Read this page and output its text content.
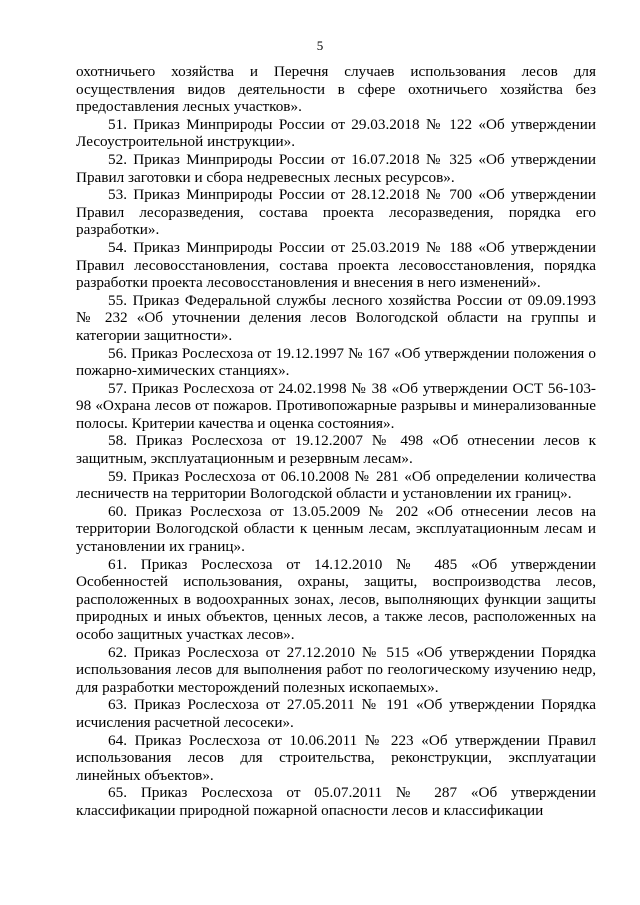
5

охотничьего хозяйства и Перечня случаев использования лесов для осуществления видов деятельности в сфере охотничьего хозяйства без предоставления лесных участков».

51. Приказ Минприроды России от 29.03.2018 № 122 «Об утверждении Лесоустроительной инструкции».

52. Приказ Минприроды России от 16.07.2018 № 325 «Об утверждении Правил заготовки и сбора недревесных лесных ресурсов».

53. Приказ Минприроды России от 28.12.2018 № 700 «Об утверждении Правил лесоразведения, состава проекта лесоразведения, порядка его разработки».

54. Приказ Минприроды России от 25.03.2019 № 188 «Об утверждении Правил лесовосстановления, состава проекта лесовосстановления, порядка разработки проекта лесовосстановления и внесения в него изменений».

55. Приказ Федеральной службы лесного хозяйства России от 09.09.1993 № 232 «Об уточнении деления лесов Вологодской области на группы и категории защитности».

56. Приказ Рослесхоза от 19.12.1997 № 167 «Об утверждении положения о пожарно-химических станциях».

57. Приказ Рослесхоза от 24.02.1998 № 38 «Об утверждении ОСТ 56-103-98 «Охрана лесов от пожаров. Противопожарные разрывы и минерализованные полосы. Критерии качества и оценка состояния».

58. Приказ Рослесхоза от 19.12.2007 № 498 «Об отнесении лесов к защитным, эксплуатационным и резервным лесам».

59. Приказ Рослесхоза от 06.10.2008 № 281 «Об определении количества лесничеств на территории Вологодской области и установлении их границ».

60. Приказ Рослесхоза от 13.05.2009 № 202 «Об отнесении лесов на территории Вологодской области к ценным лесам, эксплуатационным лесам и установлении их границ».

61. Приказ Рослесхоза от 14.12.2010 № 485 «Об утверждении Особенностей использования, охраны, защиты, воспроизводства лесов, расположенных в водоохранных зонах, лесов, выполняющих функции защиты природных и иных объектов, ценных лесов, а также лесов, расположенных на особо защитных участках лесов».

62. Приказ Рослесхоза от 27.12.2010 № 515 «Об утверждении Порядка использования лесов для выполнения работ по геологическому изучению недр, для разработки месторождений полезных ископаемых».

63. Приказ Рослесхоза от 27.05.2011 № 191 «Об утверждении Порядка исчисления расчетной лесосеки».

64. Приказ Рослесхоза от 10.06.2011 № 223 «Об утверждении Правил использования лесов для строительства, реконструкции, эксплуатации линейных объектов».

65. Приказ Рослесхоза от 05.07.2011 № 287 «Об утверждении классификации природной пожарной опасности лесов и классификации
